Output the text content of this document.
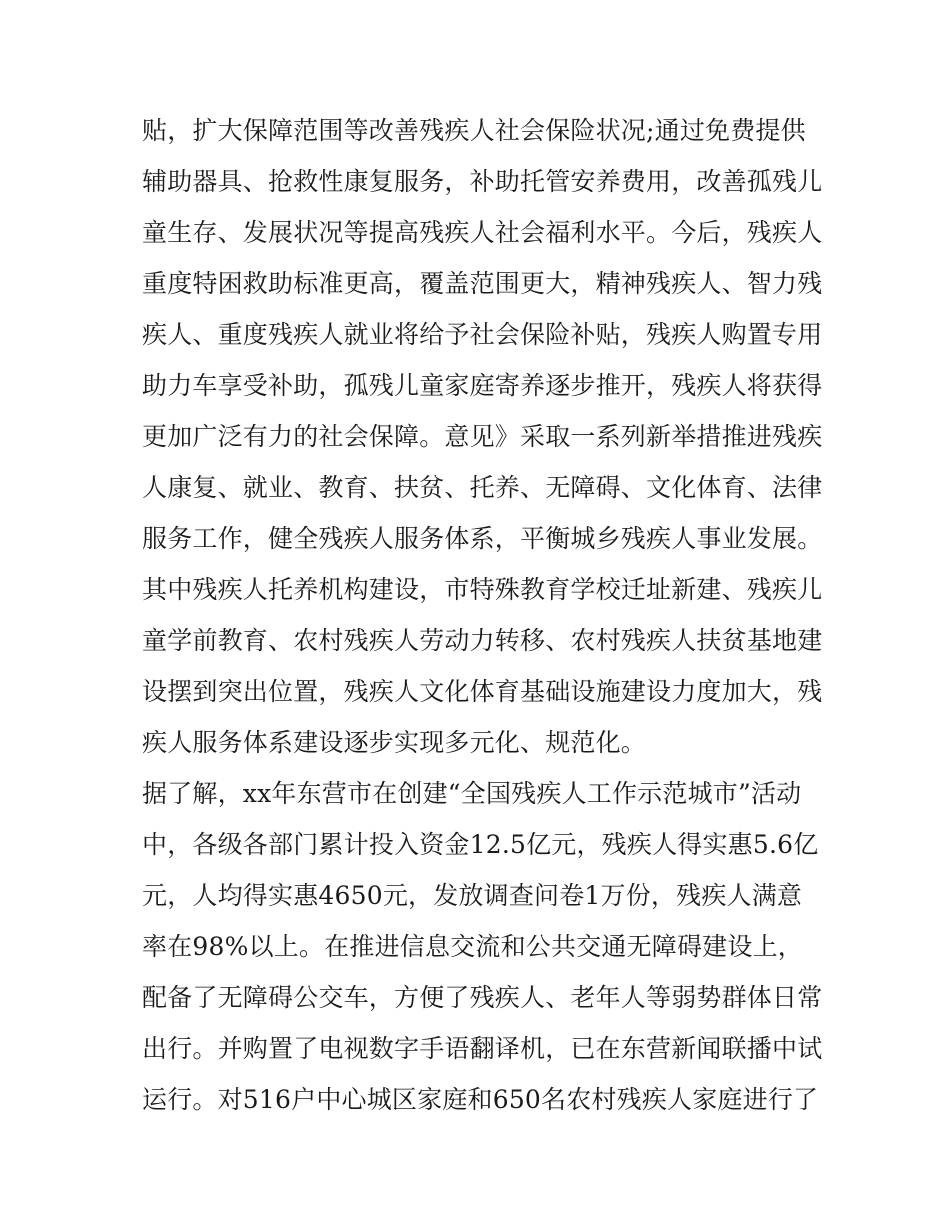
贴，扩大保障范围等改善残疾人社会保险状况;通过免费提供
辅助器具、抢救性康复服务，补助托管安养费用，改善孤残儿
童生存、发展状况等提高残疾人社会福利水平。今后，残疾人
重度特困救助标准更高，覆盖范围更大，精神残疾人、智力残
疾人、重度残疾人就业将给予社会保险补贴，残疾人购置专用
助力车享受补助，孤残儿童家庭寄养逐步推开，残疾人将获得
更加广泛有力的社会保障。意见》采取一系列新举措推进残疾
人康复、就业、教育、扶贫、托养、无障碍、文化体育、法律
服务工作，健全残疾人服务体系，平衡城乡残疾人事业发展。
其中残疾人托养机构建设，市特殊教育学校迁址新建、残疾儿
童学前教育、农村残疾人劳动力转移、农村残疾人扶贫基地建
设摆到突出位置，残疾人文化体育基础设施建设力度加大，残
疾人服务体系建设逐步实现多元化、规范化。
据了解，xx年东营市在创建“全国残疾人工作示范城市”活动
中，各级各部门累计投入资金12.5亿元，残疾人得实惠5.6亿
元，人均得实惠4650元，发放调查问卷1万份，残疾人满意
率在98%以上。在推进信息交流和公共交通无障碍建设上，
配备了无障碍公交车，方便了残疾人、老年人等弱势群体日常
出行。并购置了电视数字手语翻译机，已在东营新闻联播中试
运行。对516户中心城区家庭和650名农村残疾人家庭进行了
